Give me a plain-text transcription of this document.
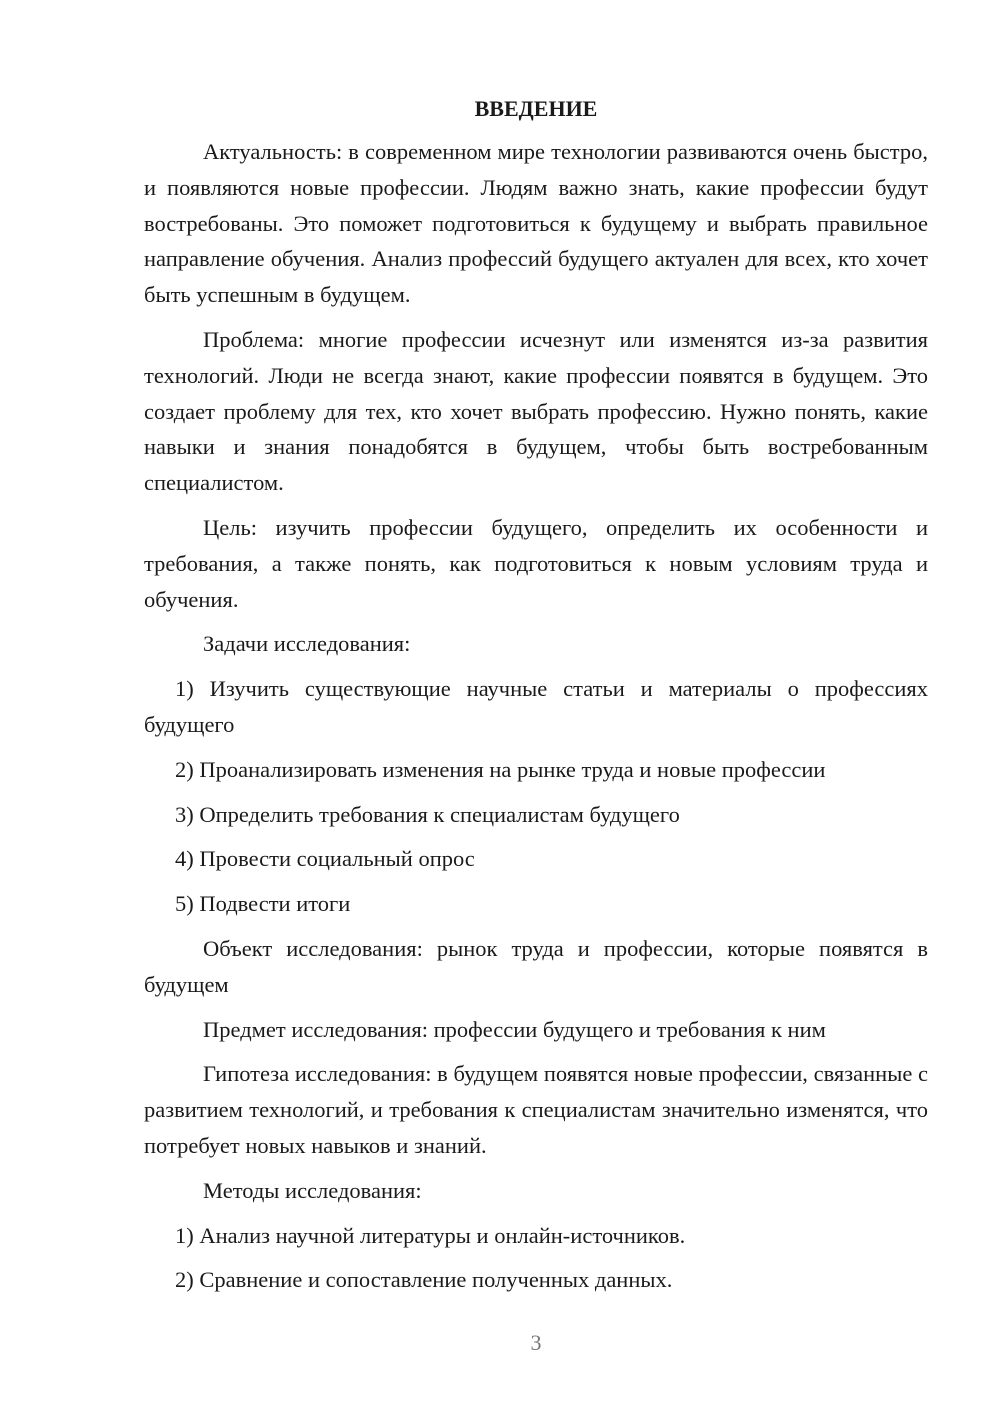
ВВЕДЕНИЕ

Актуальность: в современном мире технологии развиваются очень быстро, и появляются новые профессии. Людям важно знать, какие профессии будут востребованы. Это поможет подготовиться к будущему и выбрать правильное направление обучения. Анализ профессий будущего актуален для всех, кто хочет быть успешным в будущем.

Проблема: многие профессии исчезнут или изменятся из-за развития технологий. Люди не всегда знают, какие профессии появятся в будущем. Это создает проблему для тех, кто хочет выбрать профессию. Нужно понять, какие навыки и знания понадобятся в будущем, чтобы быть востребованным специалистом.

Цель: изучить профессии будущего, определить их особенности и требования, а также понять, как подготовиться к новым условиям труда и обучения.

Задачи исследования:

1) Изучить существующие научные статьи и материалы о профессиях будущего

2) Проанализировать изменения на рынке труда и новые профессии

3) Определить требования к специалистам будущего

4) Провести социальный опрос

5) Подвести итоги

Объект исследования: рынок труда и профессии, которые появятся в будущем

Предмет исследования: профессии будущего и требования к ним

Гипотеза исследования: в будущем появятся новые профессии, связанные с развитием технологий, и требования к специалистам значительно изменятся, что потребует новых навыков и знаний.

Методы исследования:

1) Анализ научной литературы и онлайн-источников.

2) Сравнение и сопоставление полученных данных.

3
